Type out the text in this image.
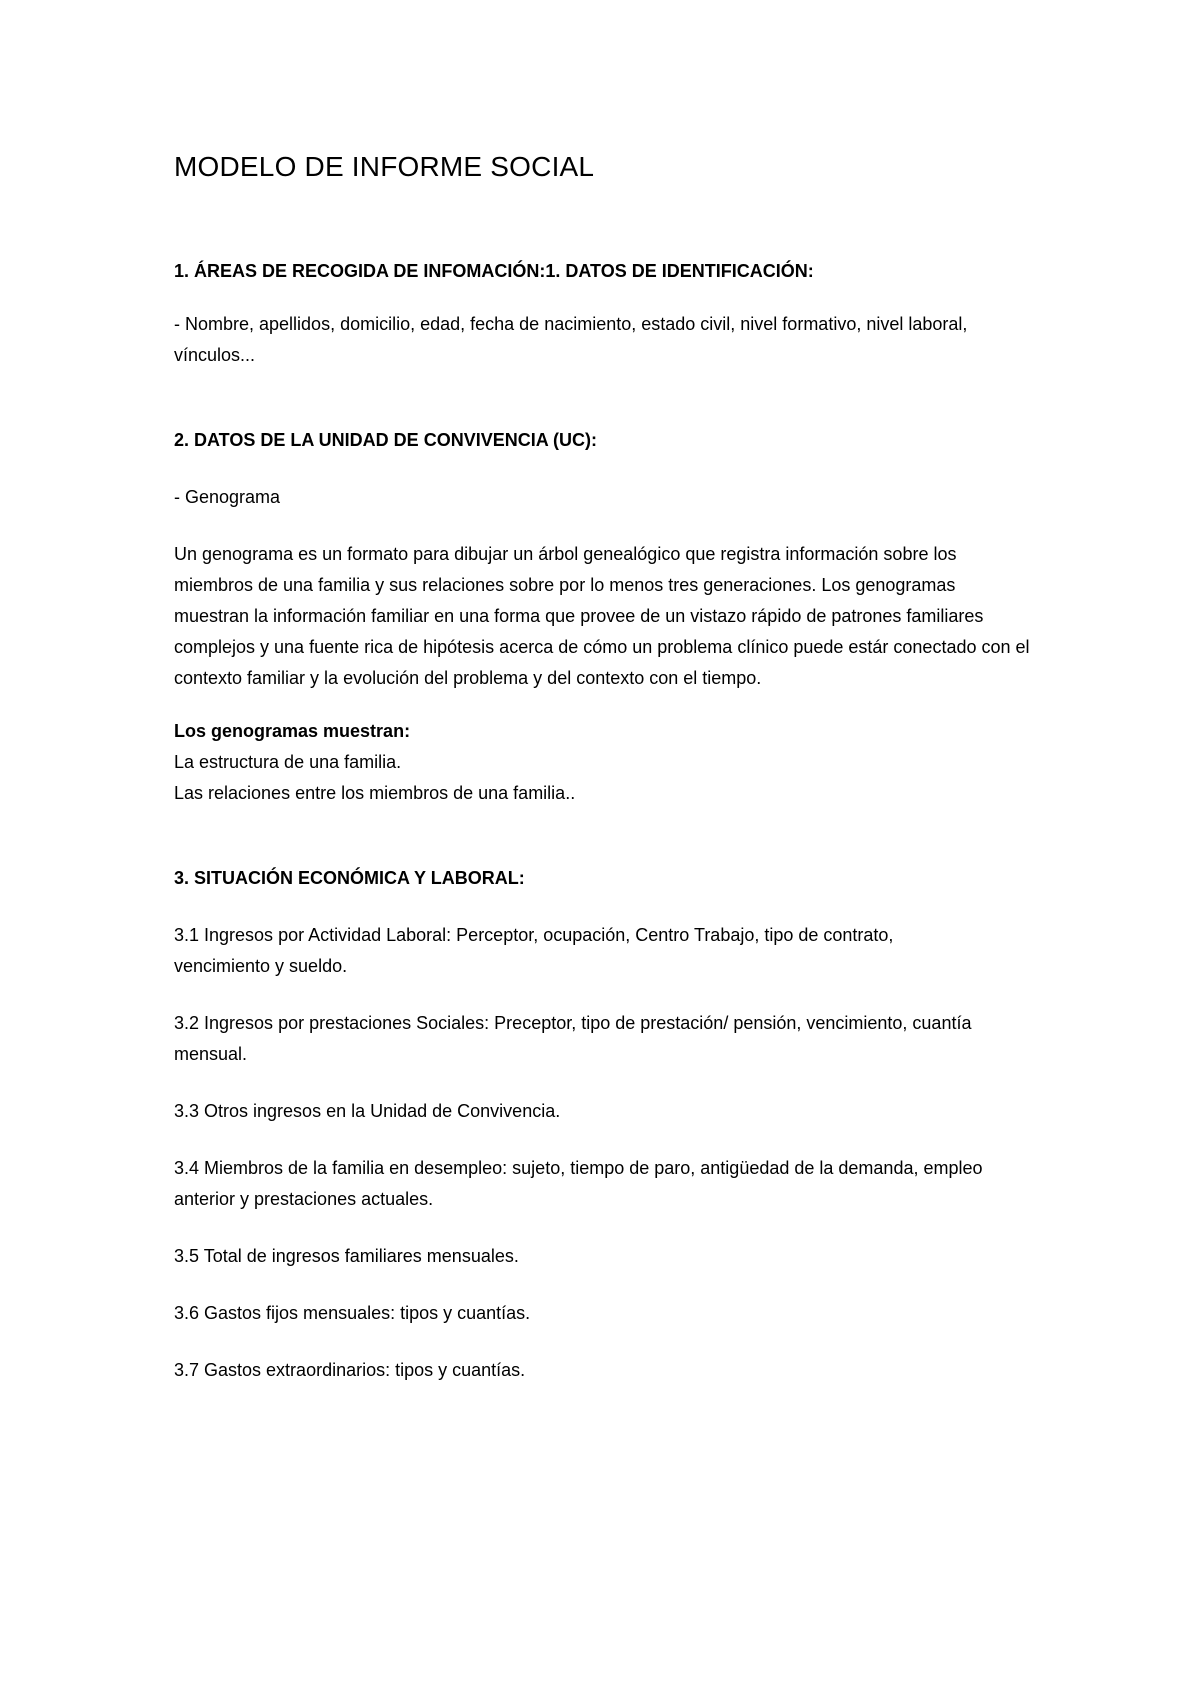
MODELO DE INFORME SOCIAL

1. ÁREAS DE RECOGIDA DE INFOMACIÓN:1. DATOS DE IDENTIFICACIÓN:

- Nombre, apellidos, domicilio, edad, fecha de nacimiento, estado civil, nivel formativo, nivel laboral, vínculos...

2. DATOS DE LA UNIDAD DE CONVIVENCIA (UC):

- Genograma

Un genograma es un formato para dibujar un árbol genealógico que registra información sobre los miembros de una familia y sus relaciones sobre por lo menos tres generaciones. Los genogramas muestran la información familiar en una forma que provee de un vistazo rápido de patrones familiares complejos y una fuente rica de hipótesis acerca de cómo un problema clínico puede estár conectado con el contexto familiar y la evolución del problema y del contexto con el tiempo.

Los genogramas muestran:

La estructura de una familia.

Las relaciones entre los miembros de una familia..

3. SITUACIÓN ECONÓMICA Y LABORAL:

3.1 Ingresos por Actividad Laboral: Perceptor, ocupación, Centro Trabajo, tipo de contrato, vencimiento y sueldo.

3.2 Ingresos por prestaciones Sociales: Preceptor, tipo de prestación/ pensión, vencimiento, cuantía mensual.

3.3 Otros ingresos en la Unidad de Convivencia.

3.4 Miembros de la familia en desempleo: sujeto, tiempo de paro, antigüedad de la demanda, empleo anterior y prestaciones actuales.

3.5 Total de ingresos familiares mensuales.

3.6 Gastos fijos mensuales: tipos y cuantías.

3.7 Gastos extraordinarios: tipos y cuantías.
